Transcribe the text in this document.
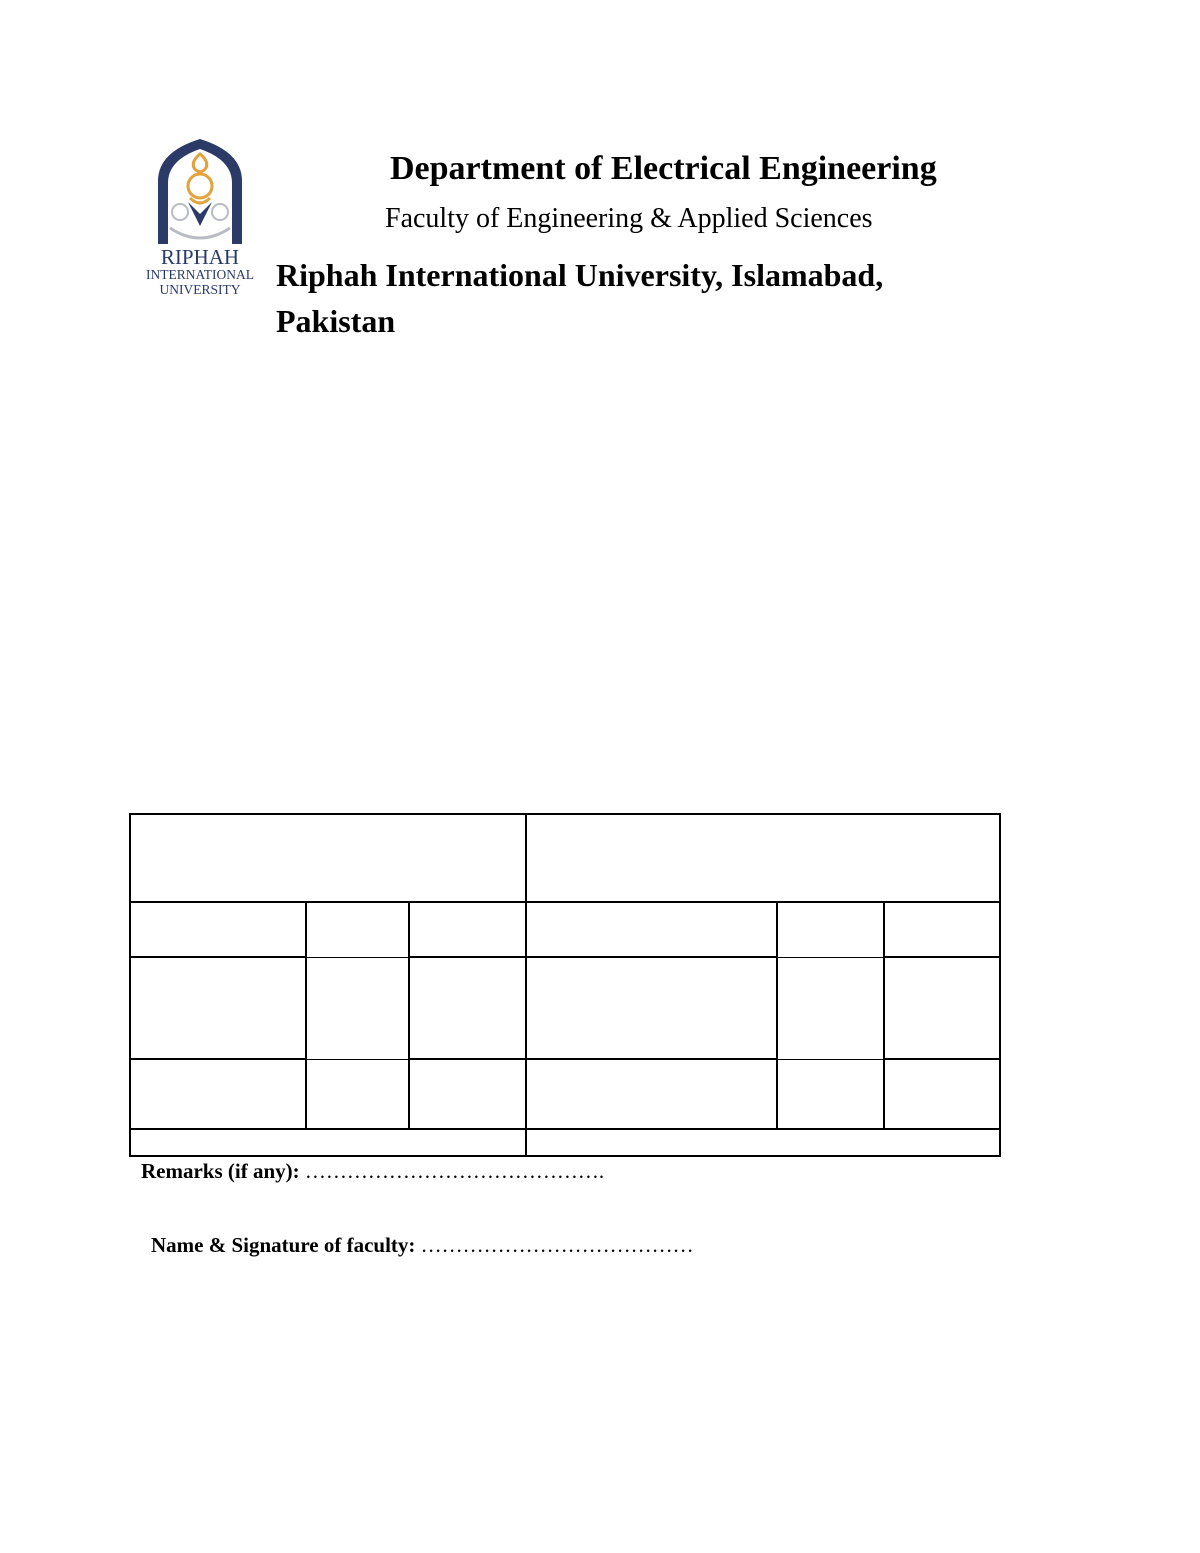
RIPHAH
INTERNATIONAL
UNIVERSITY
Department of Electrical Engineering
Faculty of Engineering & Applied Sciences
Riphah International University, Islamabad, Pakistan

Remarks (if any): …………………………………….
Name & Signature of faculty: …………………………………
